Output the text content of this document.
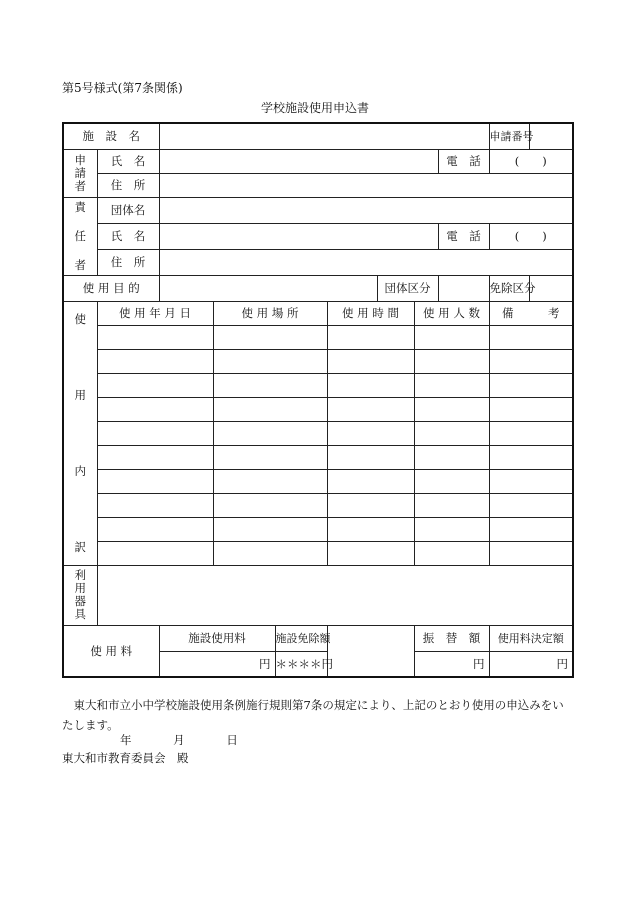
第5号様式(第7条関係)
学校施設使用申込書
施　設　名									申請番号	

申
請
者	氏　名							電　話	(　　)	
	住　所									

責
任
者	団体名									
	氏　名							電　話	(　　)	
	住　所									
使 用 目 的						団体区分			免除区分	

使
用
内
訳	使 用 年 月 日		使 用 場 所		使 用 時 間		使 用 人 数		備　　　考	

利
用
器
具										

使 用 料		施設使用料		施設免除額			振　替　額		使用料決定額	
		円		＊＊＊＊円			円		円	
東大和市立小中学校施設使用条例施行規則第7条の規定により、上記のとおり使用の申込みをいたします。
年	月	日
東大和市教育委員会　殿
